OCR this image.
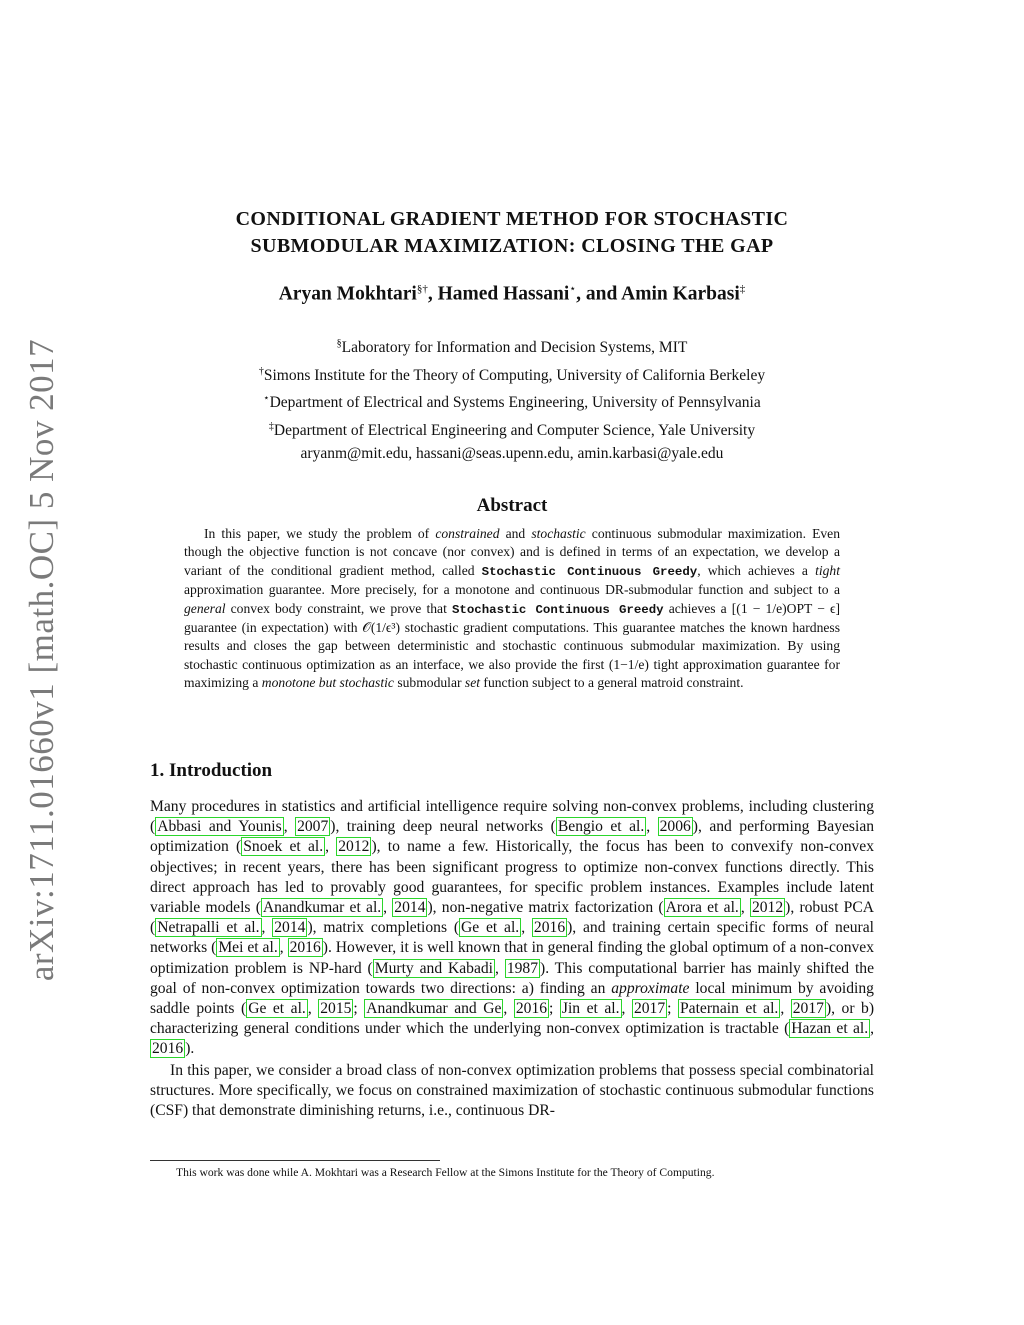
arXiv:1711.01660v1 [math.OC] 5 Nov 2017
CONDITIONAL GRADIENT METHOD FOR STOCHASTIC
SUBMODULAR MAXIMIZATION: CLOSING THE GAP
Aryan Mokhtari§†, Hamed Hassani⋆, and Amin Karbasi‡
§Laboratory for Information and Decision Systems, MIT
†Simons Institute for the Theory of Computing, University of California Berkeley
⋆Department of Electrical and Systems Engineering, University of Pennsylvania
‡Department of Electrical Engineering and Computer Science, Yale University
aryanm@mit.edu, hassani@seas.upenn.edu, amin.karbasi@yale.edu
Abstract
In this paper, we study the problem of constrained and stochastic continuous submodular maximization. Even though the objective function is not concave (nor convex) and is defined in terms of an expectation, we develop a variant of the conditional gradient method, called Stochastic Continuous Greedy, which achieves a tight approximation guarantee. More precisely, for a monotone and continuous DR-submodular function and subject to a general convex body constraint, we prove that Stochastic Continuous Greedy achieves a [(1 − 1/e)OPT − ϵ] guarantee (in expectation) with 𝒪(1/ϵ³) stochastic gradient computations. This guarantee matches the known hardness results and closes the gap between deterministic and stochastic continuous submodular maximization. By using stochastic continuous optimization as an interface, we also provide the first (1−1/e) tight approximation guarantee for maximizing a monotone but stochastic submodular set function subject to a general matroid constraint.
1. Introduction

Many procedures in statistics and artificial intelligence require solving non-convex problems, including clustering ( Abbasi and Younis , 2007 ), training deep neural networks ( Bengio et al. , 2006 ), and performing Bayesian optimization ( Snoek et al. , 2012 ), to name a few. Historically, the focus has been to convexify non-convex objectives; in recent years, there has been significant progress to optimize non-convex functions directly. This direct approach has led to provably good guarantees, for specific problem instances. Examples include latent variable models ( Anandkumar et al. , 2014 ), non-negative matrix factorization ( Arora et al. , 2012 ), robust PCA ( Netrapalli et al. , 2014 ), matrix completions ( Ge et al. , 2016 ), and training certain specific forms of neural networks ( Mei et al. , 2016 ). However, it is well known that in general finding the global optimum of a non-convex optimization problem is NP-hard ( Murty and Kabadi , 1987 ). This computational barrier has mainly shifted the goal of non-convex optimization towards two directions: a) finding an approximate local minimum by avoiding saddle points ( Ge et al. , 2015 ; Anandkumar and Ge , 2016 ; Jin et al. , 2017 ; Paternain et al. , 2017 ), or b) characterizing general conditions under which the underlying non-convex optimization is tractable ( Hazan et al. , 2016 ).

In this paper, we consider a broad class of non-convex optimization problems that possess special combinatorial structures. More specifically, we focus on constrained maximization of stochastic continuous submodular functions (CSF) that demonstrate diminishing returns, i.e., continuous DR-

This work was done while A. Mokhtari was a Research Fellow at the Simons Institute for the Theory of Computing.
